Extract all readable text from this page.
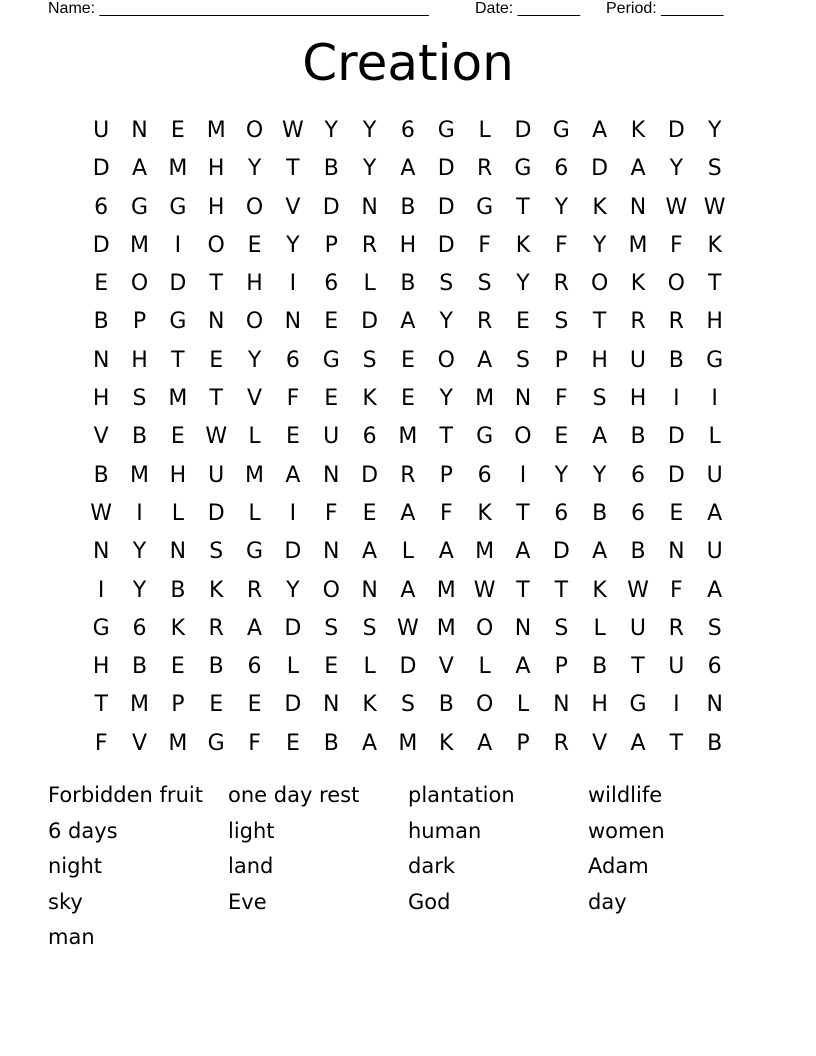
Name: _____________________________________

	Date: _______

Period: _______

Creation
U	N	E M O W Y	Y	6	G	L	D G	A	K	D	Y
D	A M H	Y	T	B	Y	A	D	R	G	6	D	A	Y	S
6	G G H O	V	D N	B	D G	T	Y	K	N W W
D M	I	O	E	Y	P	R	H D	F	K	F	Y	M	F	K
E	O D	T	H	I	6	L	B	S	S	Y	R	O	K	O	T
B	P	G N O N	E	D	A	Y	R	E	S	T	R	R	H
N H	T	E	Y	6	G	S	E	O	A	S	P	H	U	B	G
H	S M	T	V	F	E	K	E	Y	M N	F	S	H	I	I
V	B	E W L	E	U	6 M	T	G O	E	A	B	D	L
B M H	U M A	N D	R	P	6	I	Y	Y	6	D U
W	I	L	D	L	I	F	E	A	F	K	T	6	B	6	E	A
N	Y	N	S	G D N	A	L	A M A	D	A	B	N	U
I	Y	B	K	R	Y	O N	A M W T	T	K W F	A
G	6	K	R	A	D	S	S W M O N	S	L	U	R	S
H	B	E	B	6	L	E	L	D	V	L	A	P	B	T	U	6
T	M	P	E	E	D N	K	S	B	O	L	N H G	I	N
F	V M G	F	E	B	A M K	A	P	R	V	A	T	B
Forbidden fruit	one day rest	plantation	wildlife
6 days	light	human	women
night	land	dark	Adam
sky	Eve	God	day
man
